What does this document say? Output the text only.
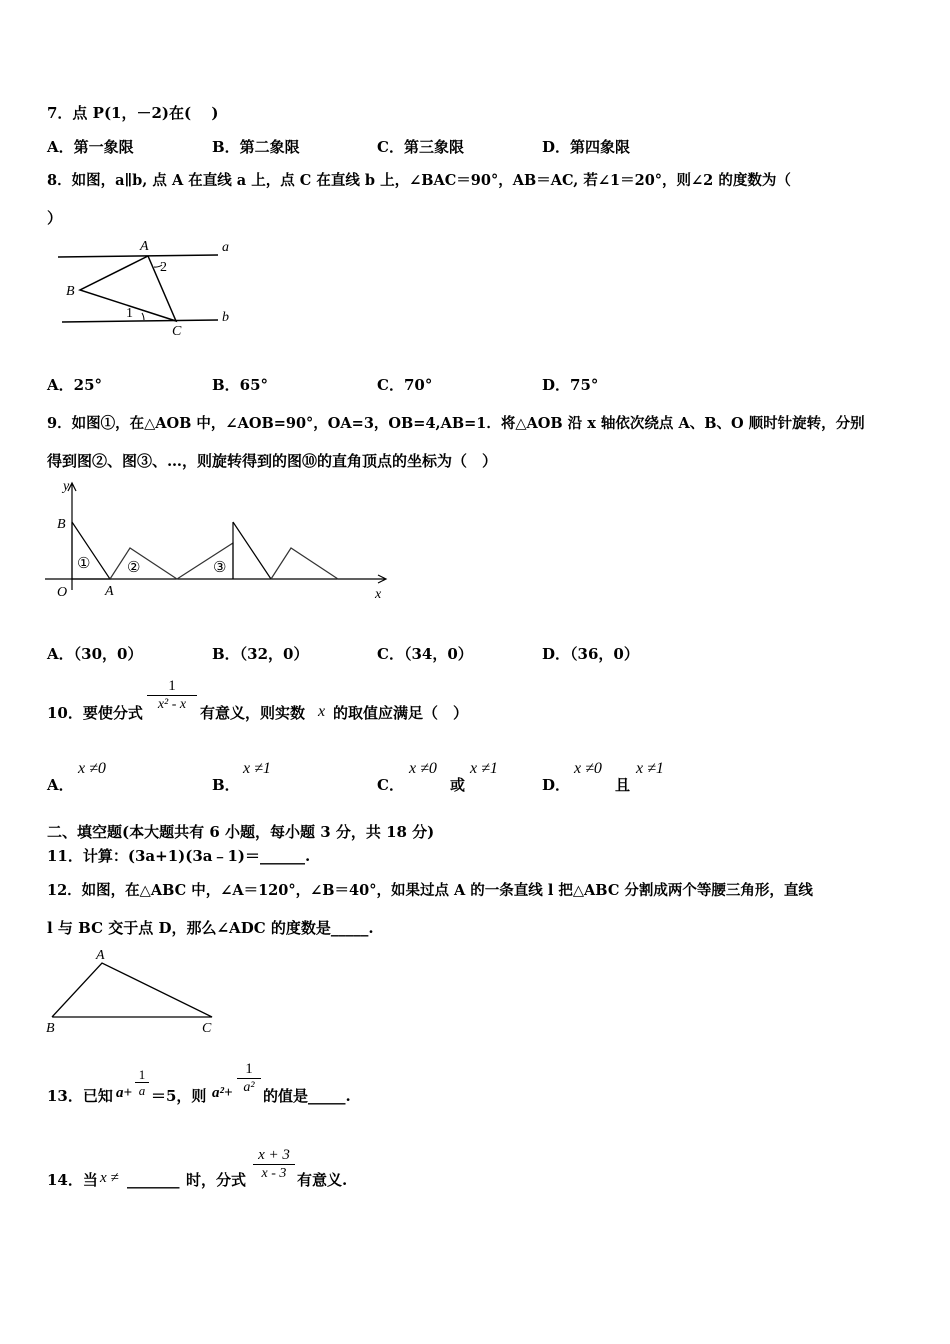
7．点 P(1，－2)在(　 )
A．第一象限	B．第二象限	C．第三象限	D．第四象限
8．如图，a∥b, 点 A 在直线 a 上，点 C 在直线 b 上，∠BAC＝90°，AB＝AC, 若∠1＝20°，则∠2 的度数为（
）
A
B
C
a
b
1
2
A．25°	B．65°	C．70°	D．75°
9．如图①，在△AOB 中，∠AOB=90°，OA=3，OB=4,AB=1．将△AOB 沿 x 轴依次绕点 A、B、O 顺时针旋转，分别
得到图②、图③、…，则旋转得到的图⑩的直角顶点的坐标为（　）
y
x
B
O	A
① ②	③
A．（30，0）	B．（32，0）	C．（34，0）	D．（36，0）
10．要使分式
1
x² - x 有意义，则实数 x 的取值应满足（　）
A．
x ≠0
B．
x ≠1
C．
x ≠0
或
x ≠1
D．
x ≠0
且
x ≠1
二、填空题(本大题共有 6 小题，每小题 3 分，共 18 分)
11．计算：(3a+1)(3a﹣1)＝______.
12．如图，在△ABC 中，∠A＝120°，∠B＝40°，如果过点 A 的一条直线 l 把△ABC 分割成两个等腰三角形，直线
l 与 BC 交于点 D，那么∠ADC 的度数是_____.
A
B	C
13．已知 a+
1
a ＝5，则 a²+
1
a² 的值是_____.
14．当 x ≠ _______ 时，分式
x + 3
x - 3 有意义.
